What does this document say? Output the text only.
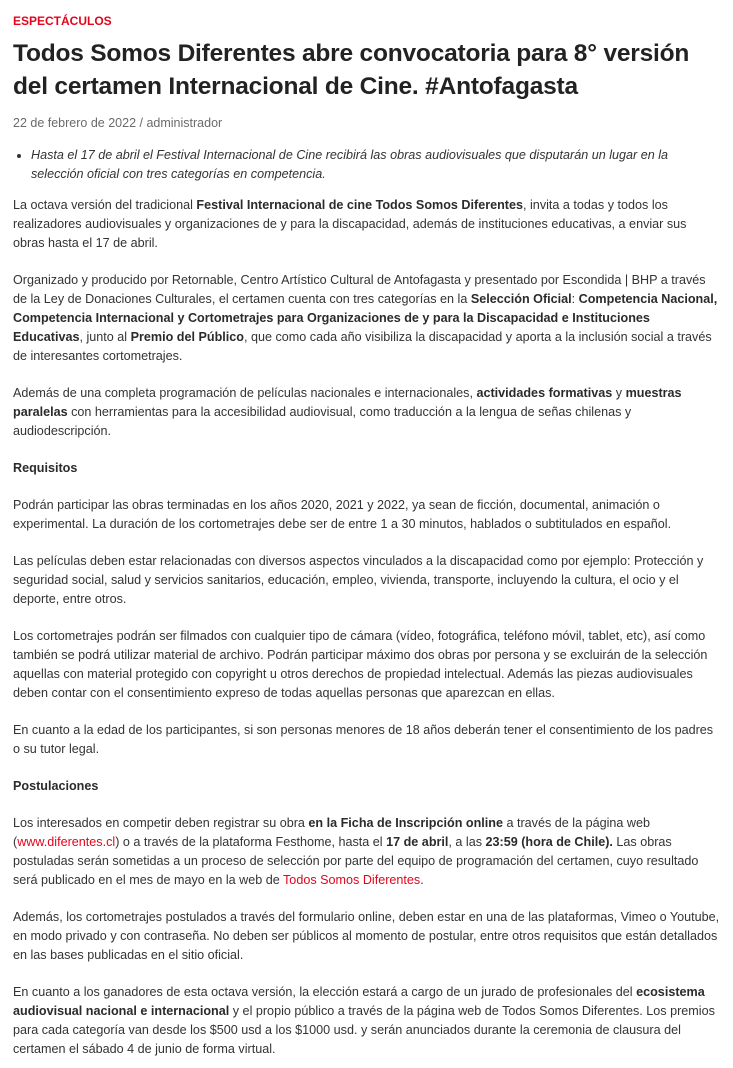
ESPECTÁCULOS
Todos Somos Diferentes abre convocatoria para 8° versión del certamen Internacional de Cine. #Antofagasta
22 de febrero de 2022 / administrador
• Hasta el 17 de abril el Festival Internacional de Cine recibirá las obras audiovisuales que disputarán un lugar en la selección oficial con tres categorías en competencia.

La octava versión del tradicional Festival Internacional de cine Todos Somos Diferentes, invita a todas y todos los realizadores audiovisuales y organizaciones de y para la discapacidad, además de instituciones educativas, a enviar sus obras hasta el 17 de abril.

Organizado y producido por Retornable, Centro Artístico Cultural de Antofagasta y presentado por Escondida | BHP a través de la Ley de Donaciones Culturales, el certamen cuenta con tres categorías en la Selección Oficial: Competencia Nacional, Competencia Internacional y Cortometrajes para Organizaciones de y para la Discapacidad e Instituciones Educativas, junto al Premio del Público, que como cada año visibiliza la discapacidad y aporta a la inclusión social a través de interesantes cortometrajes.

Además de una completa programación de películas nacionales e internacionales, actividades formativas y muestras paralelas con herramientas para la accesibilidad audiovisual, como traducción a la lengua de señas chilenas y audiodescripción.

Requisitos

Podrán participar las obras terminadas en los años 2020, 2021 y 2022, ya sean de ficción, documental, animación o experimental. La duración de los cortometrajes debe ser de entre 1 a 30 minutos, hablados o subtitulados en español.

Las películas deben estar relacionadas con diversos aspectos vinculados a la discapacidad como por ejemplo: Protección y seguridad social, salud y servicios sanitarios, educación, empleo, vivienda, transporte, incluyendo la cultura, el ocio y el deporte, entre otros.

Los cortometrajes podrán ser filmados con cualquier tipo de cámara (vídeo, fotográfica, teléfono móvil, tablet, etc), así como también se podrá utilizar material de archivo. Podrán participar máximo dos obras por persona y se excluirán de la selección aquellas con material protegido con copyright u otros derechos de propiedad intelectual. Además las piezas audiovisuales deben contar con el consentimiento expreso de todas aquellas personas que aparezcan en ellas.

En cuanto a la edad de los participantes, si son personas menores de 18 años deberán tener el consentimiento de los padres o su tutor legal.

Postulaciones

Los interesados en competir deben registrar su obra en la Ficha de Inscripción online a través de la página web (www.diferentes.cl) o a través de la plataforma Festhome, hasta el 17 de abril, a las 23:59 (hora de Chile). Las obras postuladas serán sometidas a un proceso de selección por parte del equipo de programación del certamen, cuyo resultado será publicado en el mes de mayo en la web de Todos Somos Diferentes.

Además, los cortometrajes postulados a través del formulario online, deben estar en una de las plataformas, Vimeo o Youtube, en modo privado y con contraseña. No deben ser públicos al momento de postular, entre otros requisitos que están detallados en las bases publicadas en el sitio oficial.

En cuanto a los ganadores de esta octava versión, la elección estará a cargo de un jurado de profesionales del ecosistema audiovisual nacional e internacional y el propio público a través de la página web de Todos Somos Diferentes. Los premios para cada categoría van desde los $500 usd a los $1000 usd. y serán anunciados durante la ceremonia de clausura del certamen el sábado 4 de junio de forma virtual.
